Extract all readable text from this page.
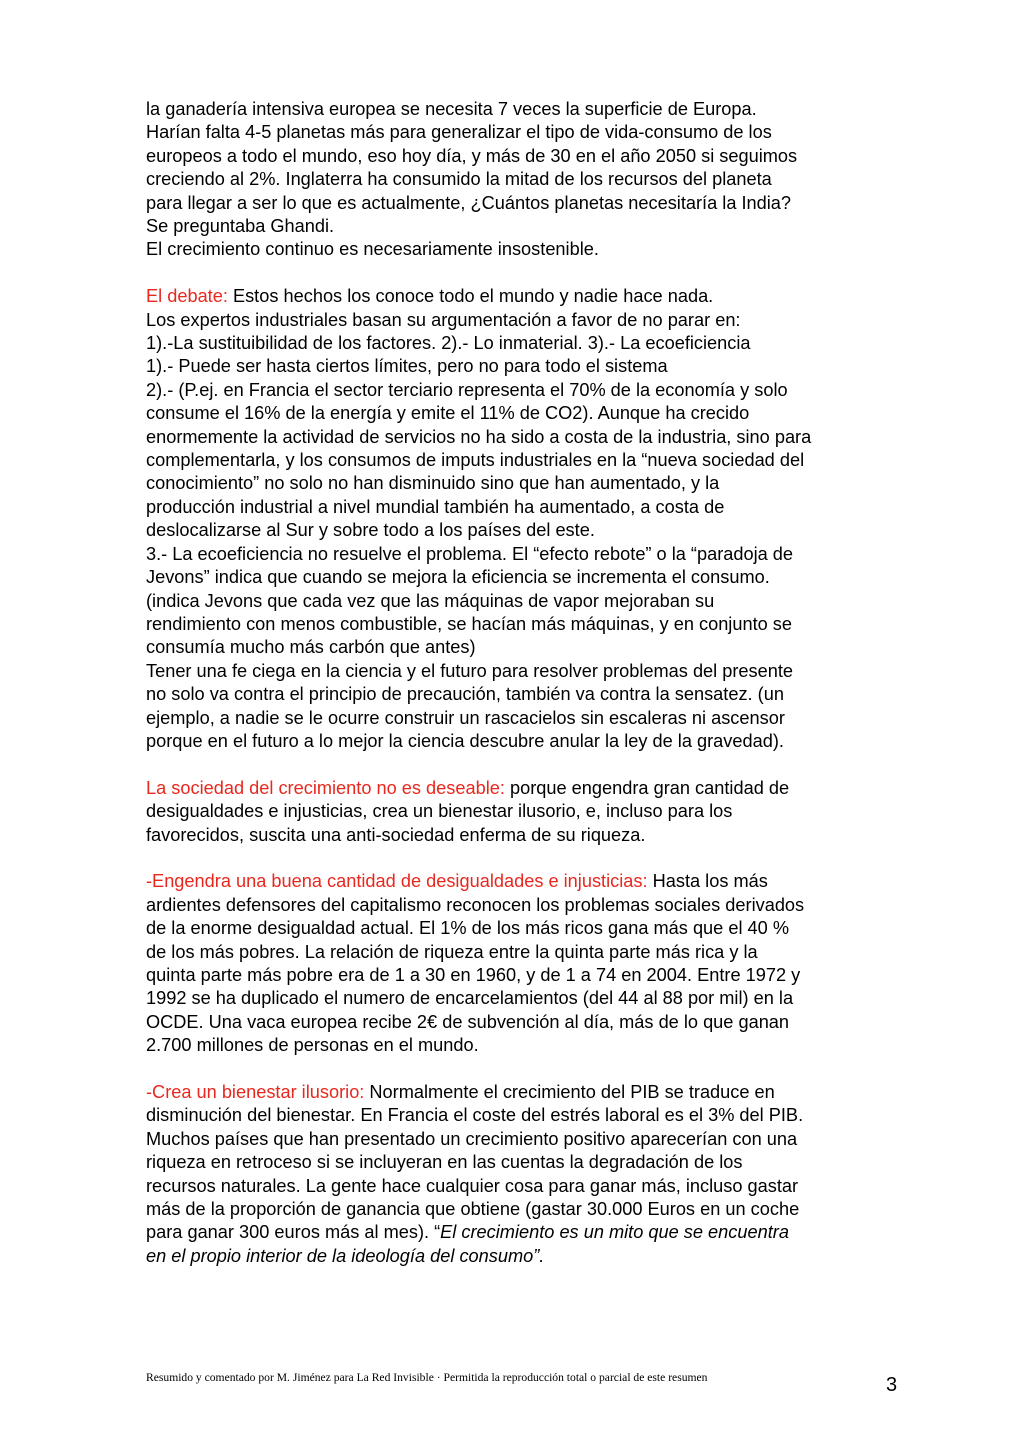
la ganadería intensiva europea se necesita 7 veces la superficie de Europa.
Harían falta 4-5 planetas más para generalizar el tipo de vida-consumo de los
europeos a todo el mundo, eso hoy día, y más de 30 en el año 2050 si seguimos
creciendo al 2%. Inglaterra ha consumido la mitad de los recursos del planeta
para llegar a ser lo que es actualmente, ¿Cuántos planetas necesitaría la India?
Se preguntaba Ghandi.
El crecimiento continuo es necesariamente insostenible.
El debate: Estos hechos los conoce todo el mundo y nadie hace nada.
Los expertos industriales basan su argumentación a favor de no parar en:
1).-La sustituibilidad de los factores. 2).- Lo inmaterial. 3).- La ecoeficiencia
1).- Puede ser hasta ciertos límites, pero no para todo el sistema
2).- (P.ej. en Francia el sector terciario representa el 70% de la economía y solo
consume el 16% de la energía y emite el 11% de CO2). Aunque ha crecido
enormemente la actividad de servicios no ha sido a costa de la industria, sino para
complementarla, y los consumos de imputs industriales en la “nueva sociedad del
conocimiento” no solo no han disminuido sino que han aumentado, y la
producción industrial a nivel mundial también ha aumentado, a costa de
deslocalizarse al Sur y sobre todo a los países del este.
3.- La ecoeficiencia no resuelve el problema. El “efecto rebote” o la “paradoja de
Jevons” indica que cuando se mejora la eficiencia se incrementa el consumo.
(indica Jevons que cada vez que las máquinas de vapor mejoraban su
rendimiento con menos combustible, se hacían más máquinas, y en conjunto se
consumía mucho más carbón que antes)
Tener una fe ciega en la ciencia y el futuro para resolver problemas del presente
no solo va contra el principio de precaución, también va contra la sensatez. (un
ejemplo, a nadie se le ocurre construir un rascacielos sin escaleras ni ascensor
porque en el futuro a lo mejor la ciencia descubre anular la ley de la gravedad).
La sociedad del crecimiento no es deseable: porque engendra gran cantidad de
desigualdades e injusticias, crea un bienestar ilusorio, e, incluso para los
favorecidos, suscita una anti-sociedad enferma de su riqueza.
-Engendra una buena cantidad de desigualdades e injusticias: Hasta los más
ardientes defensores del capitalismo reconocen los problemas sociales derivados
de la enorme desigualdad actual. El 1% de los más ricos gana más que el 40 %
de los más pobres. La relación de riqueza entre la quinta parte más rica y la
quinta parte más pobre era de 1 a 30 en 1960, y de 1 a 74 en 2004. Entre 1972 y
1992 se ha duplicado el numero de encarcelamientos (del 44 al 88 por mil) en la
OCDE. Una vaca europea recibe 2€ de subvención al día, más de lo que ganan
2.700 millones de personas en el mundo.
-Crea un bienestar ilusorio: Normalmente el crecimiento del PIB se traduce en
disminución del bienestar. En Francia el coste del estrés laboral es el 3% del PIB.
Muchos países que han presentado un crecimiento positivo aparecerían con una
riqueza en retroceso si se incluyeran en las cuentas la degradación de los
recursos naturales. La gente hace cualquier cosa para ganar más, incluso gastar
más de la proporción de ganancia que obtiene (gastar 30.000 Euros en un coche
para ganar 300 euros más al mes). “El crecimiento es un mito que se encuentra
en el propio interior de la ideología del consumo”.
Resumido y comentado por M. Jiménez para La Red Invisible · Permitida la reproducción total o parcial de este resumen	3
